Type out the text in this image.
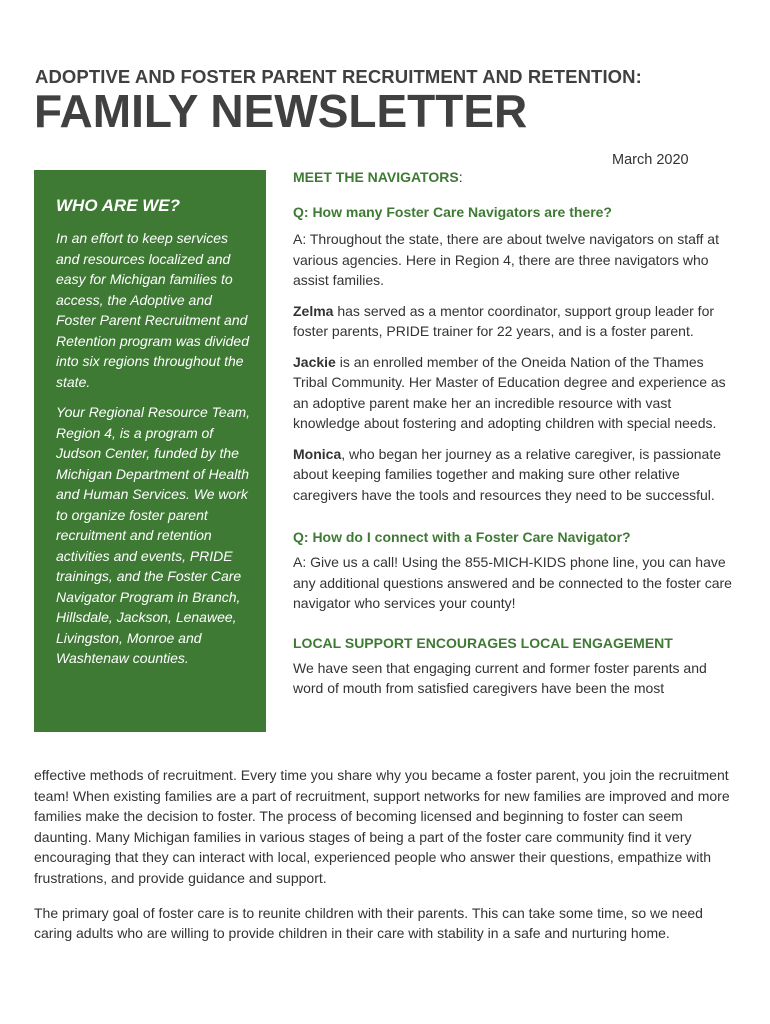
ADOPTIVE AND FOSTER PARENT RECRUITMENT AND RETENTION:
FAMILY NEWSLETTER
March 2020
WHO ARE WE?

In an effort to keep services and resources localized and easy for Michigan families to access, the Adoptive and Foster Parent Recruitment and Retention program was divided into six regions throughout the state.

Your Regional Resource Team, Region 4, is a program of Judson Center, funded by the Michigan Department of Health and Human Services. We work to organize foster parent recruitment and retention activities and events, PRIDE trainings, and the Foster Care Navigator Program in Branch, Hillsdale, Jackson, Lenawee, Livingston, Monroe and Washtenaw counties.

MEET THE NAVIGATORS:

Q: How many Foster Care Navigators are there?

A: Throughout the state, there are about twelve navigators on staff at various agencies. Here in Region 4, there are three navigators who assist families.

Zelma has served as a mentor coordinator, support group leader for foster parents, PRIDE trainer for 22 years, and is a foster parent.

Jackie is an enrolled member of the Oneida Nation of the Thames Tribal Community. Her Master of Education degree and experience as an adoptive parent make her an incredible resource with vast knowledge about fostering and adopting children with special needs.

Monica, who began her journey as a relative caregiver, is passionate about keeping families together and making sure other relative caregivers have the tools and resources they need to be successful.

Q: How do I connect with a Foster Care Navigator?

A: Give us a call! Using the 855-MICH-KIDS phone line, you can have any additional questions answered and be connected to the foster care navigator who services your county!

LOCAL SUPPORT ENCOURAGES LOCAL ENGAGEMENT

We have seen that engaging current and former foster parents and word of mouth from satisfied caregivers have been the most

effective methods of recruitment. Every time you share why you became a foster parent, you join the recruitment team! When existing families are a part of recruitment, support networks for new families are improved and more families make the decision to foster. The process of becoming licensed and beginning to foster can seem daunting. Many Michigan families in various stages of being a part of the foster care community find it very encouraging that they can interact with local, experienced people who answer their questions, empathize with frustrations, and provide guidance and support.

The primary goal of foster care is to reunite children with their parents. This can take some time, so we need caring adults who are willing to provide children in their care with stability in a safe and nurturing home.
